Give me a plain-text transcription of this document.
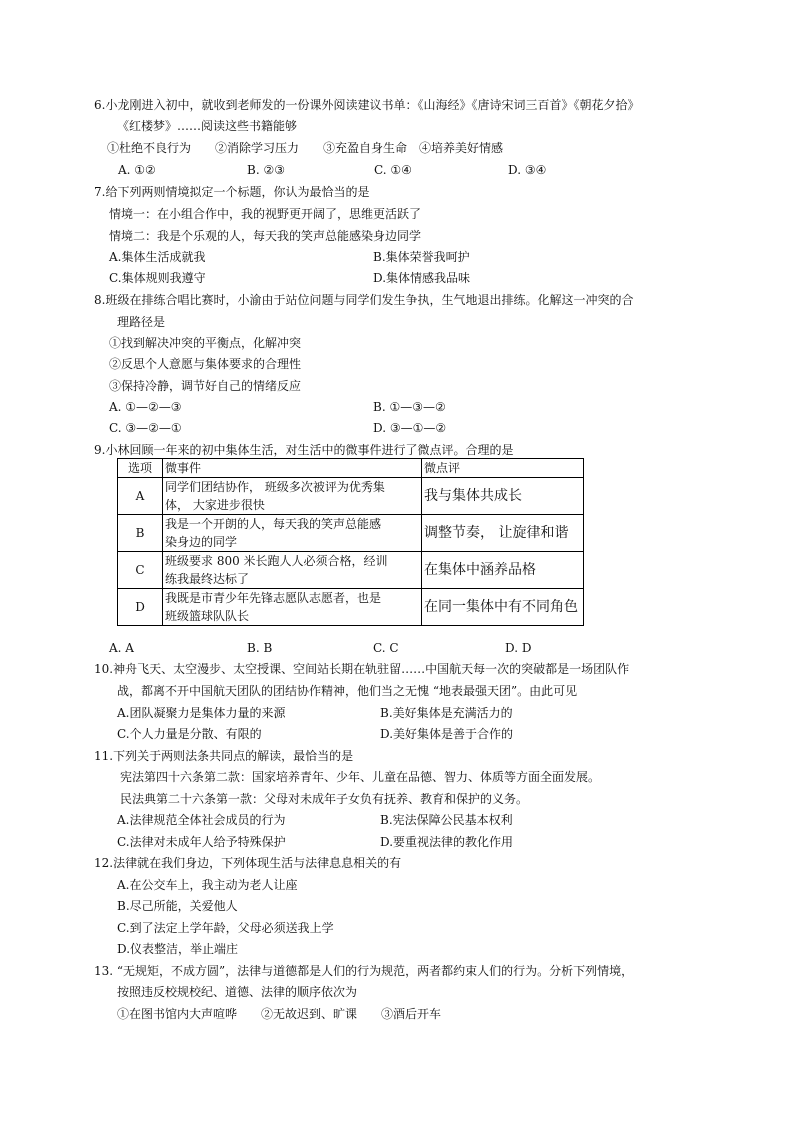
6.小龙刚进入初中，就收到老师发的一份课外阅读建议书单：《山海经》《唐诗宋词三百首》《朝花夕拾》
《红楼梦》……阅读这些书籍能够
①杜绝不良行为　　②消除学习压力　　③充盈自身生命　④培养美好情感
A. ①②	B. ②③	C. ①④	D. ③④
7.给下列两则情境拟定一个标题，你认为最恰当的是
情境一：在小组合作中，我的视野更开阔了，思维更活跃了
情境二：我是个乐观的人，每天我的笑声总能感染身边同学
A.集体生活成就我	B.集体荣誉我呵护
C.集体规则我遵守	D.集体情感我品味
8.班级在排练合唱比赛时，小渝由于站位问题与同学们发生争执，生气地退出排练。化解这一冲突的合
理路径是
①找到解决冲突的平衡点，化解冲突
②反思个人意愿与集体要求的合理性
③保持冷静，调节好自己的情绪反应
A. ①—②—③	B. ①—③—②
C. ③—②—①	D. ③—①—②
9.小林回顾一年来的初中集体生活，对生活中的微事件进行了微点评。合理的是
选项	微事件	微点评
A	同学们团结协作， 班级多次被评为优秀集
体， 大家进步很快	我与集体共成长
B	我是一个开朗的人，每天我的笑声总能感
染身边的同学	调整节奏， 让旋律和谐
C	班级要求 800 米长跑人人必须合格，经训
练我最终达标了	在集体中涵养品格
D	我既是市青少年先锋志愿队志愿者，也是
班级篮球队队长	在同一集体中有不同角色
A. A	B. B	C. C	D. D
10.神舟飞天、太空漫步、太空授课、空间站长期在轨驻留……中国航天每一次的突破都是一场团队作
战，都离不开中国航天团队的团结协作精神，他们当之无愧 “地表最强天团”。由此可见
A.团队凝聚力是集体力量的来源	B.美好集体是充满活力的
C.个人力量是分散、有限的	D.美好集体是善于合作的
11.下列关于两则法条共同点的解读，最恰当的是
宪法第四十六条第二款：国家培养青年、少年、儿童在品德、智力、体质等方面全面发展。
民法典第二十六条第一款：父母对未成年子女负有抚养、教育和保护的义务。
A.法律规范全体社会成员的行为	B.宪法保障公民基本权利
C.法律对未成年人给予特殊保护	D.要重视法律的教化作用
12.法律就在我们身边，下列体现生活与法律息息相关的有
A.在公交车上，我主动为老人让座
B.尽己所能，关爱他人
C.到了法定上学年龄，父母必须送我上学
D.仪表整洁，举止端庄
13. “无规矩，不成方圆”，法律与道德都是人们的行为规范，两者都约束人们的行为。分析下列情境，
按照违反校规校纪、道德、法律的顺序依次为
①在图书馆内大声喧哗　　②无故迟到、旷课　　③酒后开车
